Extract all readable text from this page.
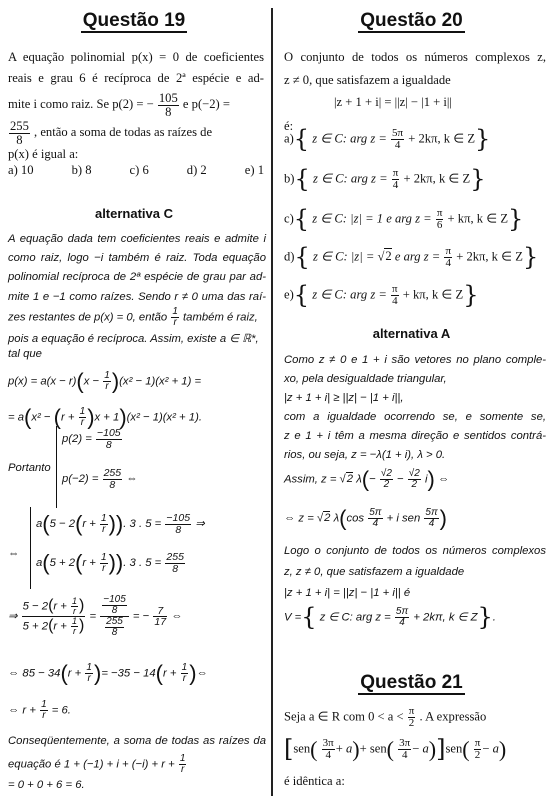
Questão 19
A equação polinomial p(x) = 0 de coeficientes
reais e grau 6 é recíproca de 2ª espécie e ad-
mite i como raiz. Se p(2) = − $\frac{105}{8}$ e p(−2) =
$\frac{255}{8}$ , então a soma de todas as raízes de
p(x) é igual a:
a) 10	b) 8	c) 6	d) 2	e) 1
alternativa C
A equação dada tem coeficientes reais e admite i
como raiz, logo −i também é raiz. Toda equação
polinomial recíproca de 2ª espécie de grau par ad-
mite 1 e −1 como raízes. Sendo r ≠ 0 uma das raí-
zes restantes de p(x) = 0, então $\frac{1}{r}$ também é raiz,
pois a equação é recíproca. Assim, existe a ∈ ℝ*,
tal que
$p(x) = a(x - r)(x - \frac{1}{r} )(x^2 - 1)(x^2 + 1)$ =
= $a(x^2 - (r + \frac{1}{r} )x + 1)(x^2 - 1)(x^2 + 1)$.
Portanto
$p(2) = \frac{-105}{8}$
$p(-2) = \frac{255}{8}$ ⇔
⇔
$a(5 - 2(r + \frac{1}{r}$ )). 3 . $5 = \frac{-105}{8}$ ⇒
$a(5 + 2(r + \frac{1}{r}$ )). 3 . $5 = \frac{255}{8}$
⇒ $\frac{5 - 2(r + \frac{1}{r} )}{5 + 2(r + \frac{1}{r} )} = \frac{\frac{-105}{8}}{\frac{255}{8}}$ = − $\frac{7}{17}$ ⇔
⇔ $85 - 34(r + \frac{1}{r}$ )= $-35 - 14(r + \frac{1}{r}$ )⇔
⇔ $r + \frac{1}{r} = 6$.
Conseqüentemente, a soma de todas as raízes da
equação é $1 + (-1) + i + (-i) + r + \frac{1}{r}$
= 0 + 0 + 6 = 6.
Questão 20
O conjunto de todos os números complexos z,
z ≠ 0, que satisfazem a igualdade
|z + 1 + i| = ||z| − |1 + i||
é:
a){ z ∈ C: arg $z = \frac{5\pi}{4} + 2k\pi$, k ∈ Z}
b){ z ∈ C: arg $z = \frac{\pi}{4} + 2k\pi$, k ∈ Z}
c){ z ∈ C: |z| = 1 e arg $z = \frac{\pi}{6} + k\pi$, k ∈ Z}
d){ z ∈ C: |z| = √2 e arg $z = \frac{\pi}{4} + 2k\pi$, k ∈ Z}
e){ z ∈ C: arg $z = \frac{\pi}{4} + k\pi$, k ∈ Z}
alternativa A
Como z ≠ 0 e 1 + i são vetores no plano comple-
xo, pela desigualdade triangular,
|z + 1 + i| ≥ ||z| − |1 + i||,
com a igualdade ocorrendo se, e somente se,
z e 1 + i têm a mesma direção e sentidos contrá-
rios, ou seja, z = −λ(1 + i), λ > 0.
Assim, z = √2 $\lambda(- \frac{√2}{2} - \frac{√2}{2} i)$ ⇔
⇔ z = √2 $\lambda(\cos \frac{5\pi}{4} + i$ sen $\frac{5\pi}{4}$ )
Logo o conjunto de todos os números complexos
z, z ≠ 0, que satisfazem a igualdade
|z + 1 + i| = ||z| − |1 + i|| é
V ={ z ∈ C: arg $z = \frac{5\pi}{4} + 2k\pi$, k ∈ Z}.
Questão 21
Seja a ∈ R com $0 < a < \frac{\pi}{2}$ . A expressão
$[sen( \frac{3\pi}{4} + a)+ sen( \frac{3\pi}{4} - a)]sen( \frac{\pi}{2} - a)$
é idêntica a:
